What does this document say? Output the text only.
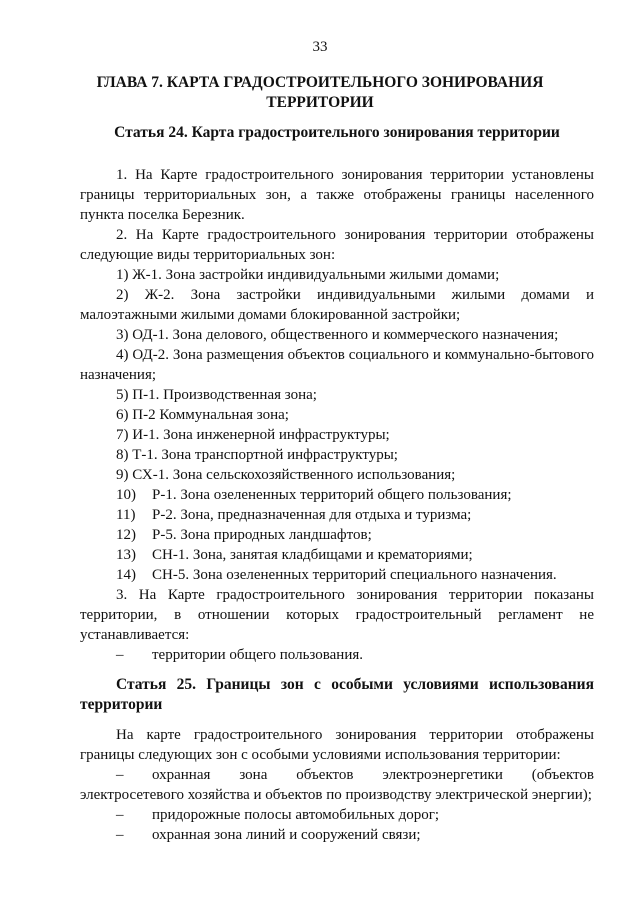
33
ГЛАВА 7. КАРТА ГРАДОСТРОИТЕЛЬНОГО ЗОНИРОВАНИЯ ТЕРРИТОРИИ
Статья 24. Карта градостроительного зонирования территории
1. На Карте градостроительного зонирования территории установлены границы территориальных зон, а также отображены границы населенного пункта поселка Березник.
2. На Карте градостроительного зонирования территории отображены следующие виды территориальных зон:
1) Ж-1. Зона застройки индивидуальными жилыми домами;
2) Ж-2. Зона застройки индивидуальными жилыми домами и малоэтажными жилыми домами блокированной застройки;
3) ОД-1. Зона делового, общественного и коммерческого назначения;
4) ОД-2. Зона размещения объектов социального и коммунально-бытового назначения;
5) П-1. Производственная зона;
6) П-2 Коммунальная зона;
7) И-1. Зона инженерной инфраструктуры;
8) Т-1. Зона транспортной инфраструктуры;
9) СХ-1. Зона сельскохозяйственного использования;
10) Р-1. Зона озелененных территорий общего пользования;
11) Р-2. Зона, предназначенная для отдыха и туризма;
12) Р-5. Зона природных ландшафтов;
13) СН-1. Зона, занятая кладбищами и крематориями;
14) СН-5. Зона озелененных территорий специального назначения.
3. На Карте градостроительного зонирования территории показаны территории, в отношении которых градостроительный регламент не устанавливается:
– территории общего пользования.
Статья 25. Границы зон с особыми условиями использования территории
На карте градостроительного зонирования территории отображены границы следующих зон с особыми условиями использования территории:
–	охранная зона объектов электроэнергетики (объектов электросетевого хозяйства и объектов по производству электрической энергии);
– придорожные полосы автомобильных дорог;
– охранная зона линий и сооружений связи;
